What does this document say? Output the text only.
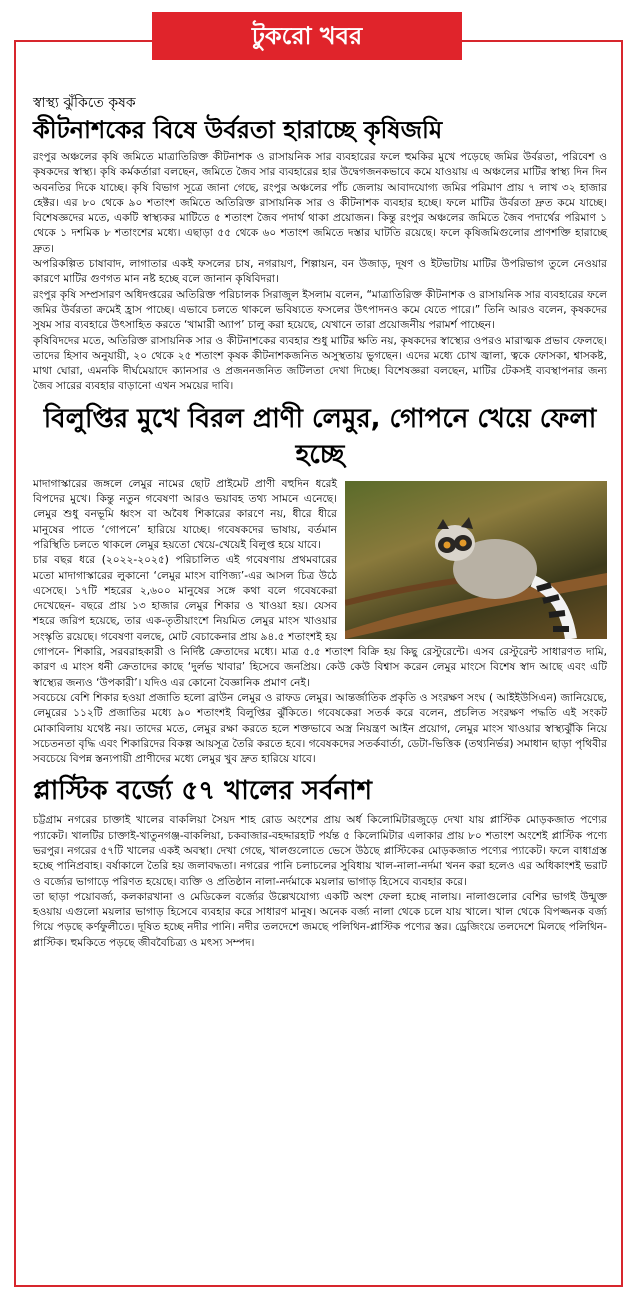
টুকরো খবর
স্বাস্থ্য ঝুঁকিতে কৃষক
কীটনাশকের বিষে উর্বরতা হারাচ্ছে কৃষিজমি

রংপুর অঞ্চলের কৃষি জমিতে মাত্রাতিরিক্ত কীটনাশক ও রাসায়নিক সার ব্যবহারের ফলে হুমকির মুখে পড়েছে জমির উর্বরতা, পরিবেশ ও কৃষকদের স্বাস্থ্য। কৃষি কর্মকর্তারা বলছেন, জমিতে জৈব সার ব্যবহারের হার উদ্বেগজনকভাবে কমে যাওয়ায় এ অঞ্চলের মাটির স্বাস্থ্য দিন দিন অবনতির দিকে যাচ্ছে। কৃষি বিভাগ সূত্রে জানা গেছে, রংপুর অঞ্চলের পাঁচ জেলায় আবাদযোগ্য জমির পরিমাণ প্রায় ৭ লাখ ৩২ হাজার হেক্টর। এর ৮০ থেকে ৯০ শতাংশ জমিতে অতিরিক্ত রাসায়নিক সার ও কীটনাশক ব্যবহার হচ্ছে। ফলে মাটির উর্বরতা দ্রুত কমে যাচ্ছে। বিশেষজ্ঞদের মতে, একটি স্বাস্থ্যকর মাটিতে ৫ শতাংশ জৈব পদার্থ থাকা প্রয়োজন। কিন্তু রংপুর অঞ্চলের জমিতে জৈব পদার্থের পরিমাণ ১ থেকে ১ দশমিক ৮ শতাংশের মধ্যে। এছাড়া ৫৫ থেকে ৬০ শতাংশ জমিতে দস্তার ঘাটতি রয়েছে। ফলে কৃষিজমিগুলোর প্রাণশক্তি হারাচ্ছে দ্রুত।

অপরিকল্পিত চাষাবাদ, লাগাতার একই ফসলের চাষ, নগরায়ণ, শিল্পায়ন, বন উজাড়, দূষণ ও ইটভাটায় মাটির উপরিভাগ তুলে নেওয়ার কারণে মাটির গুণগত মান নষ্ট হচ্ছে বলে জানান কৃষিবিদরা।

রংপুর কৃষি সম্প্রসারণ অধিদপ্তরের অতিরিক্ত পরিচালক সিরাজুল ইসলাম বলেন, “মাত্রাতিরিক্ত কীটনাশক ও রাসায়নিক সার ব্যবহারের ফলে জমির উর্বরতা ক্রমেই হ্রাস পাচ্ছে। এভাবে চলতে থাকলে ভবিষ্যতে ফসলের উৎপাদনও কমে যেতে পারে।” তিনি আরও বলেন, কৃষকদের সুষম সার ব্যবহারে উৎসাহিত করতে ‘খামারী অ্যাপ’ চালু করা হয়েছে, যেখানে তারা প্রয়োজনীয় পরামর্শ পাচ্ছেন।

কৃষিবিদদের মতে, অতিরিক্ত রাসায়নিক সার ও কীটনাশকের ব্যবহার শুধু মাটির ক্ষতি নয়, কৃষকদের স্বাস্থ্যের ওপরও মারাত্মক প্রভাব ফেলছে। তাদের হিসাব অনুযায়ী, ২০ থেকে ২৫ শতাংশ কৃষক কীটনাশকজনিত অসুস্থতায় ভুগছেন। এদের মধ্যে চোখ জ্বালা, ত্বকে ফোসকা, শ্বাসকষ্ট, মাথা ঘোরা, এমনকি দীর্ঘমেয়াদে ক্যানসার ও প্রজননজনিত জটিলতা দেখা দিচ্ছে। বিশেষজ্ঞরা বলছেন, মাটির টেকসই ব্যবস্থাপনার জন্য জৈব সারের ব্যবহার বাড়ানো এখন সময়ের দাবি।

বিলুপ্তির মুখে বিরল প্রাণী লেমুর, গোপনে খেয়ে ফেলা হচ্ছে

মাদাগাস্কারের জঙ্গলে লেমুর নামের ছোট প্রাইমেট প্রাণী বহুদিন ধরেই বিপদের মুখে। কিন্তু নতুন গবেষণা আরও ভয়াবহ তথ্য সামনে এনেছে। লেমুর শুধু বনভূমি ধ্বংস বা অবৈধ শিকারের কারণে নয়, ধীরে ধীরে মানুষের পাতে ‘গোপনে’ হারিয়ে যাচ্ছে। গবেষকদের ভাষায়, বর্তমান পরিস্থিতি চলতে থাকলে লেমুর হয়তো খেয়ে-খেয়েই বিলুপ্ত হয়ে যাবে।

চার বছর ধরে (২০২২-২০২৫) পরিচালিত এই গবেষণায় প্রথমবারের মতো মাদাগাস্কারের লুকানো ‘লেমুর মাংস বাণিজ্য’-এর আসল চিত্র উঠে এসেছে। ১৭টি শহরের ২,৬০০ মানুষের সঙ্গে কথা বলে গবেষকেরা দেখেছেন- বছরে প্রায় ১৩ হাজার লেমুর শিকার ও খাওয়া হয়। যেসব শহরে জরিপ হয়েছে, তার এক-তৃতীয়াংশে নিয়মিত লেমুর মাংস খাওয়ার সংস্কৃতি রয়েছে। গবেষণা বলছে, মোট বেচাকেনার প্রায় ৯৪.৫ শতাংশই হয় গোপনে- শিকারি, সরবরাহকারী ও নির্দিষ্ট ক্রেতাদের মধ্যে। মাত্র ৫.৫ শতাংশ বিক্রি হয় কিছু রেস্টুরেন্টে। এসব রেস্টুরেন্ট সাধারণত দামি, কারণ এ মাংস ধনী ক্রেতাদের কাছে ‘দুর্লভ খাবার’ হিসেবে জনপ্রিয়। কেউ কেউ বিশ্বাস করেন লেমুর মাংসে বিশেষ স্বাদ আছে এবং এটি স্বাস্থ্যের জন্যও ‘উপকারী’। যদিও এর কোনো বৈজ্ঞানিক প্রমাণ নেই।

সবচেয়ে বেশি শিকার হওয়া প্রজাতি হলো ব্রাউন লেমুর ও রাফড লেমুর। আন্তর্জাতিক প্রকৃতি ও সংরক্ষণ সংঘ ( আইইউসিএন) জানিয়েছে, লেমুরের ১১২টি প্রজাতির মধ্যে ৯০ শতাংশই বিলুপ্তির ঝুঁকিতে। গবেষকেরা সতর্ক করে বলেন, প্রচলিত সংরক্ষণ পদ্ধতি এই সংকট মোকাবিলায় যথেষ্ট নয়। তাদের মতে, লেমুর রক্ষা করতে হলে শক্তভাবে অস্ত্র নিয়ন্ত্রণ আইন প্রয়োগ, লেমুর মাংস খাওয়ার স্বাস্থ্যঝুঁকি নিয়ে সচেতনতা বৃদ্ধি এবং শিকারিদের বিকল্প আয়সূত্র তৈরি করতে হবে। গবেষকদের সতর্কবার্তা, ডেটা-ভিত্তিক (তথ্যনির্ভর) সমাধান ছাড়া পৃথিবীর সবচেয়ে বিপন্ন স্তন্যপায়ী প্রাণীদের মধ্যে লেমুর খুব দ্রুত হারিয়ে যাবে।

প্লাস্টিক বর্জ্যে ৫৭ খালের সর্বনাশ

চট্টগ্রাম নগরের চাক্তাই খালের বাকলিয়া সৈয়দ শাহ রোড অংশের প্রায় অর্ধ কিলোমিটারজুড়ে দেখা যায় প্লাস্টিক মোড়কজাত পণ্যের প্যাকেট। খালটির চাক্তাই-খাতুনগঞ্জ-বাকলিয়া, চকবাজার-বহদ্দারহাট পর্যন্ত ৫ কিলোমিটার এলাকার প্রায় ৮০ শতাংশ অংশেই প্লাস্টিক পণ্যে ভরপুর। নগরের ৫৭টি খালের একই অবস্থা। দেখা গেছে, খালগুলোতে ভেসে উঠছে প্লাস্টিকের মোড়কজাত পণ্যের প্যাকেট। ফলে বাধাগ্রস্ত হচ্ছে পানিপ্রবাহ। বর্ষাকালে তৈরি হয় জলাবদ্ধতা। নগরের পানি চলাচলের সুবিধায় খাল-নালা-নর্দমা খনন করা হলেও এর অধিকাংশই ভরাট ও বর্জ্যের ভাগাড়ে পরিণত হয়েছে। ব্যক্তি ও প্রতিষ্ঠান নালা-নর্দমাকে ময়লার ভাগাড় হিসেবে ব্যবহার করে।

তা ছাড়া পয়োবর্জ্য, কলকারখানা ও মেডিকেল বর্জ্যের উল্লেখযোগ্য একটি অংশ ফেলা হচ্ছে নালায়। নালাগুলোর বেশির ভাগই উন্মুক্ত হওয়ায় এগুলো ময়লার ভাগাড় হিসেবে ব্যবহার করে সাধারণ মানুষ। অনেক বর্জ্য নালা থেকে চলে যায় খালে। খাল থেকে বিপজ্জনক বর্জ্য গিয়ে পড়ছে কর্ণফুলীতে। দূষিত হচ্ছে নদীর পানি। নদীর তলদেশে জমছে পলিথিন-প্লাস্টিক পণ্যের স্তর। ড্রেজিংয়ে তলদেশে মিলছে পলিথিন-প্লাস্টিক। হুমকিতে পড়ছে জীববৈচিত্র্য ও মৎস্য সম্পদ।
